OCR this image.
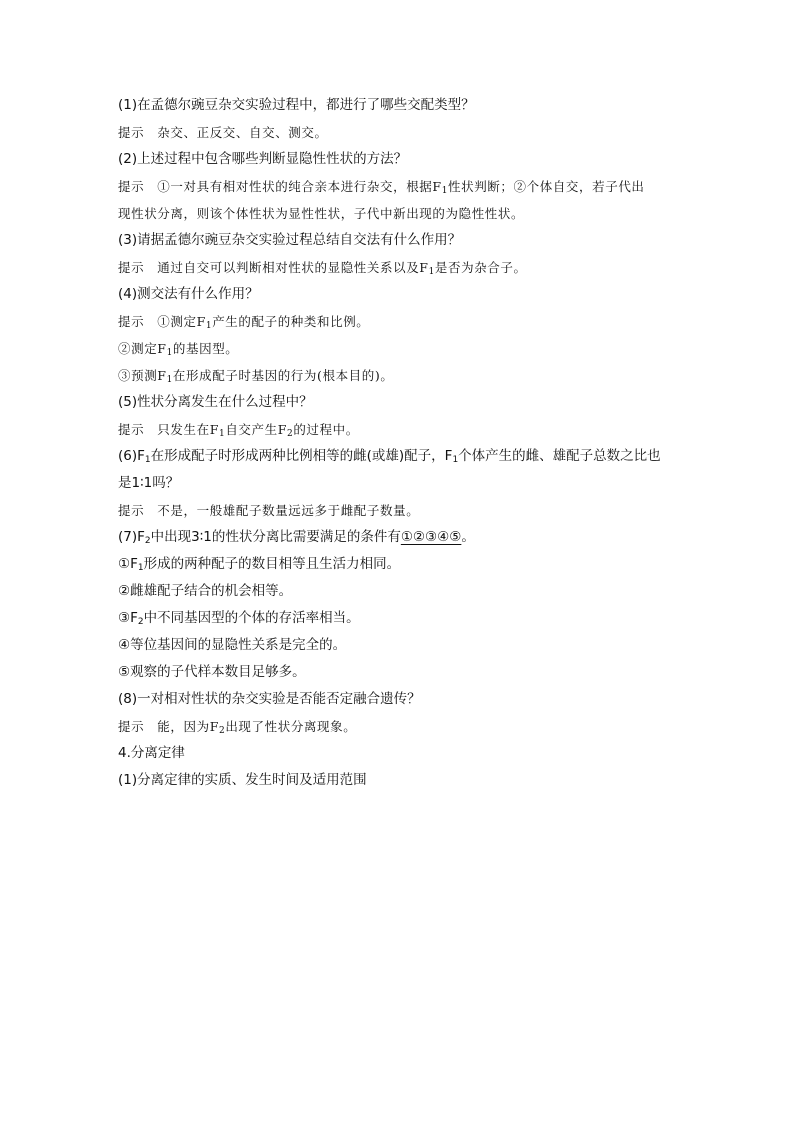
(1)在孟德尔豌豆杂交实验过程中，都进行了哪些交配类型？
提示　杂交、正反交、自交、测交。
(2)上述过程中包含哪些判断显隐性性状的方法？
提示　①一对具有相对性状的纯合亲本进行杂交，根据$F_1$性状判断；②个体自交，若子代出
现性状分离，则该个体性状为显性性状，子代中新出现的为隐性性状。
(3)请据孟德尔豌豆杂交实验过程总结自交法有什么作用？
提示　通过自交可以判断相对性状的显隐性关系以及$F_1$是否为杂合子。
(4)测交法有什么作用？
提示　①测定$F_1$产生的配子的种类和比例。
②测定$F_1$的基因型。
③预测$F_1$在形成配子时基因的行为(根本目的)。
(5)性状分离发生在什么过程中？
提示　只发生在$F_1$自交产生$F_2$的过程中。
$(6)F_1$在形成配子时形成两种比例相等的雌(或雄)配子，$F_1$个体产生的雌、雄配子总数之比也
是1∶1吗？
提示　不是，一般雄配子数量远远多于雌配子数量。
$(7)F_2$中出现3∶1的性状分离比需要满足的条件有①②③④⑤。
$①F_1$形成的两种配子的数目相等且生活力相同。
②雌雄配子结合的机会相等。
$③F_2$中不同基因型的个体的存活率相当。
④等位基因间的显隐性关系是完全的。
⑤观察的子代样本数目足够多。
(8)一对相对性状的杂交实验是否能否定融合遗传？
提示　能，因为$F_2$出现了性状分离现象。
4.分离定律
(1)分离定律的实质、发生时间及适用范围
